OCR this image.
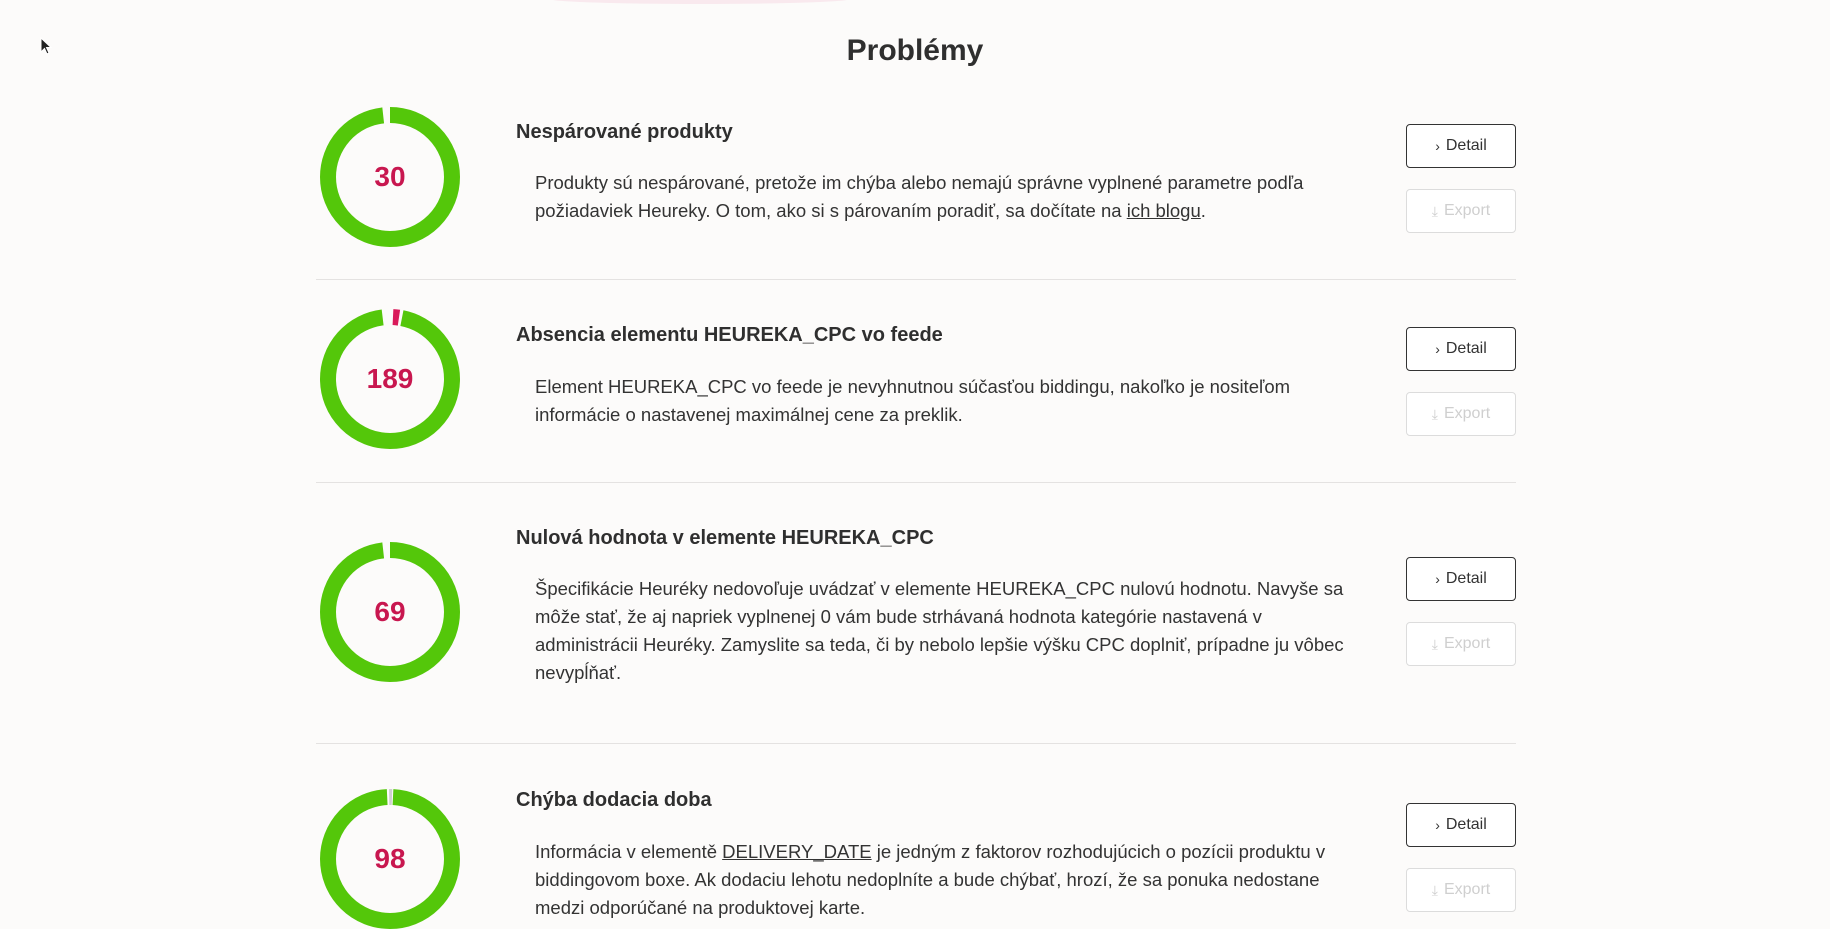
Problémy
30
Nespárované produkty

Produkty sú nespárované, pretože im chýba alebo nemajú správne vyplnené parametre podľa požiadaviek Heureky. O tom, ako si s párovaním poradiť, sa dočítate na ich blogu.

› Detail
⤓ Export
189
Absencia elementu HEUREKA_CPC vo feede

Element HEUREKA_CPC vo feede je nevyhnutnou súčasťou biddingu, nakoľko je nositeľom informácie o nastavenej maximálnej cene za preklik.

› Detail
⤓ Export
69
Nulová hodnota v elemente HEUREKA_CPC

Špecifikácie Heuréky nedovoľuje uvádzať v elemente HEUREKA_CPC nulovú hodnotu. Navyše sa môže stať, že aj napriek vyplnenej 0 vám bude strhávaná hodnota kategórie nastavená v administrácii Heuréky. Zamyslite sa teda, či by nebolo lepšie výšku CPC doplniť, prípadne ju vôbec nevypĺňať.

› Detail
⤓ Export
98
Chýba dodacia doba

Informácia v elementě DELIVERY_DATE je jedným z faktorov rozhodujúcich o pozícii produktu v biddingovom boxe. Ak dodaciu lehotu nedoplníte a bude chýbať, hrozí, že sa ponuka nedostane medzi odporúčané na produktovej karte.

› Detail
⤓ Export
